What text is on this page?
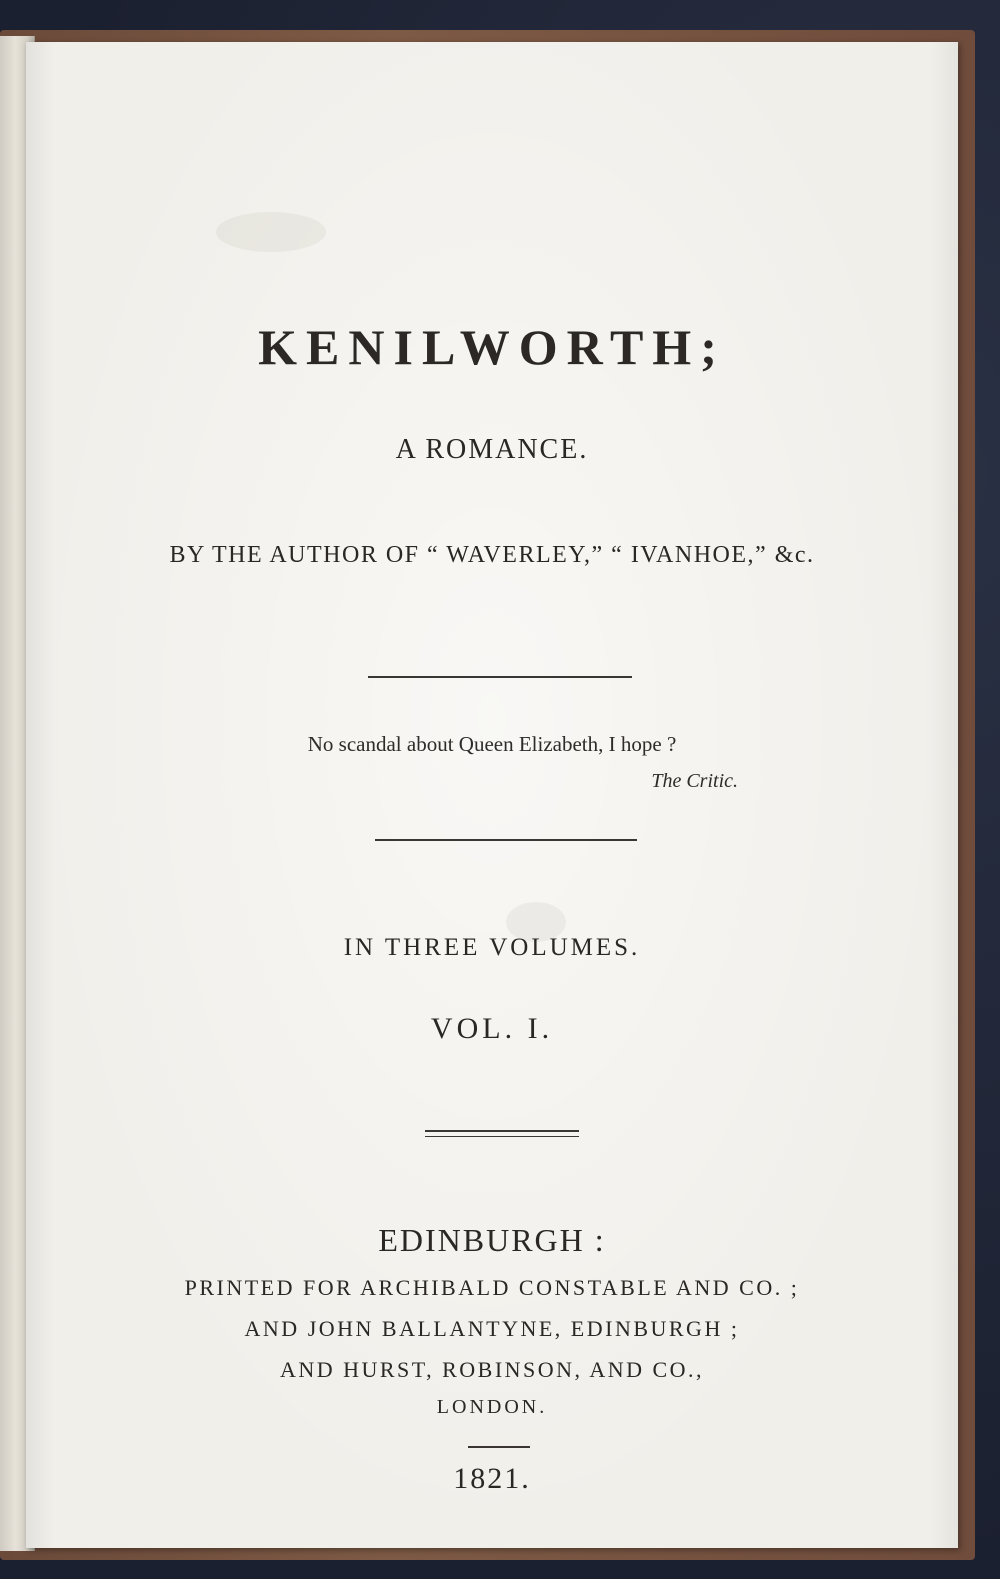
KENILWORTH;
A ROMANCE.
BY THE AUTHOR OF “ WAVERLEY,” “ IVANHOE,” &c.
No scandal about Queen Elizabeth, I hope ?
The Critic.
IN THREE VOLUMES.
VOL. I.
EDINBURGH :
PRINTED FOR ARCHIBALD CONSTABLE AND CO. ;
AND JOHN BALLANTYNE, EDINBURGH ;
AND HURST, ROBINSON, AND CO.,
LONDON.
1821.
